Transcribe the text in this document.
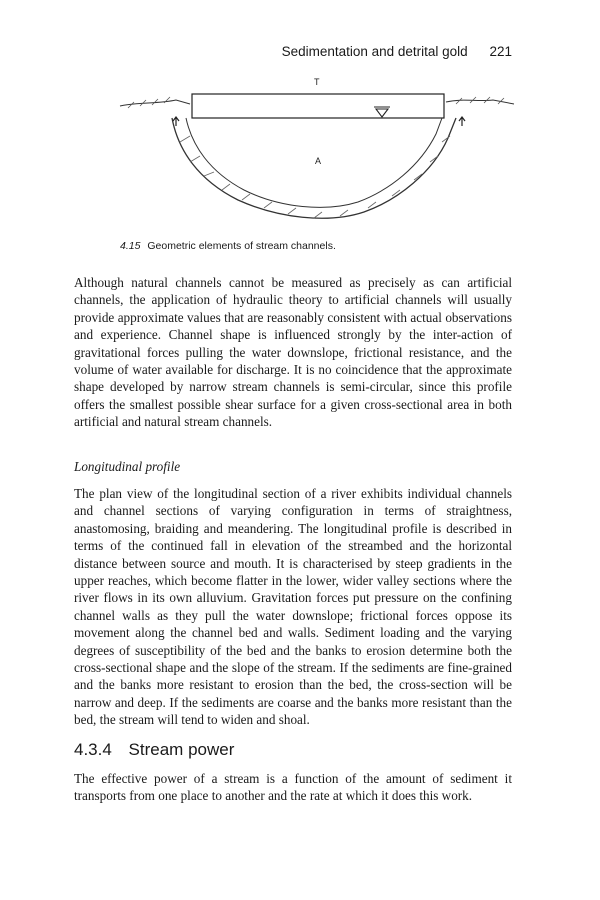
Sedimentation and detrital gold 221
T
A
4.15 Geometric elements of stream channels.

Although natural channels cannot be measured as precisely as can artificial channels, the application of hydraulic theory to artificial channels will usually provide approximate values that are reasonably consistent with actual observations and experience. Channel shape is influenced strongly by the inter-action of gravitational forces pulling the water downslope, frictional resistance, and the volume of water available for discharge. It is no coincidence that the approximate shape developed by narrow stream channels is semi-circular, since this profile offers the smallest possible shear surface for a given cross-sectional area in both artificial and natural stream channels.

Longitudinal profile

The plan view of the longitudinal section of a river exhibits individual channels and channel sections of varying configuration in terms of straightness, anastomosing, braiding and meandering. The longitudinal profile is described in terms of the continued fall in elevation of the streambed and the horizontal distance between source and mouth. It is characterised by steep gradients in the upper reaches, which become flatter in the lower, wider valley sections where the river flows in its own alluvium. Gravitation forces put pressure on the confining channel walls as they pull the water downslope; frictional forces oppose its movement along the channel bed and walls. Sediment loading and the varying degrees of susceptibility of the bed and the banks to erosion determine both the cross-sectional shape and the slope of the stream. If the sediments are fine-grained and the banks more resistant to erosion than the bed, the cross-section will be narrow and deep. If the sediments are coarse and the banks more resistant than the bed, the stream will tend to widen and shoal.

4.3.4 Stream power

The effective power of a stream is a function of the amount of sediment it transports from one place to another and the rate at which it does this work.
